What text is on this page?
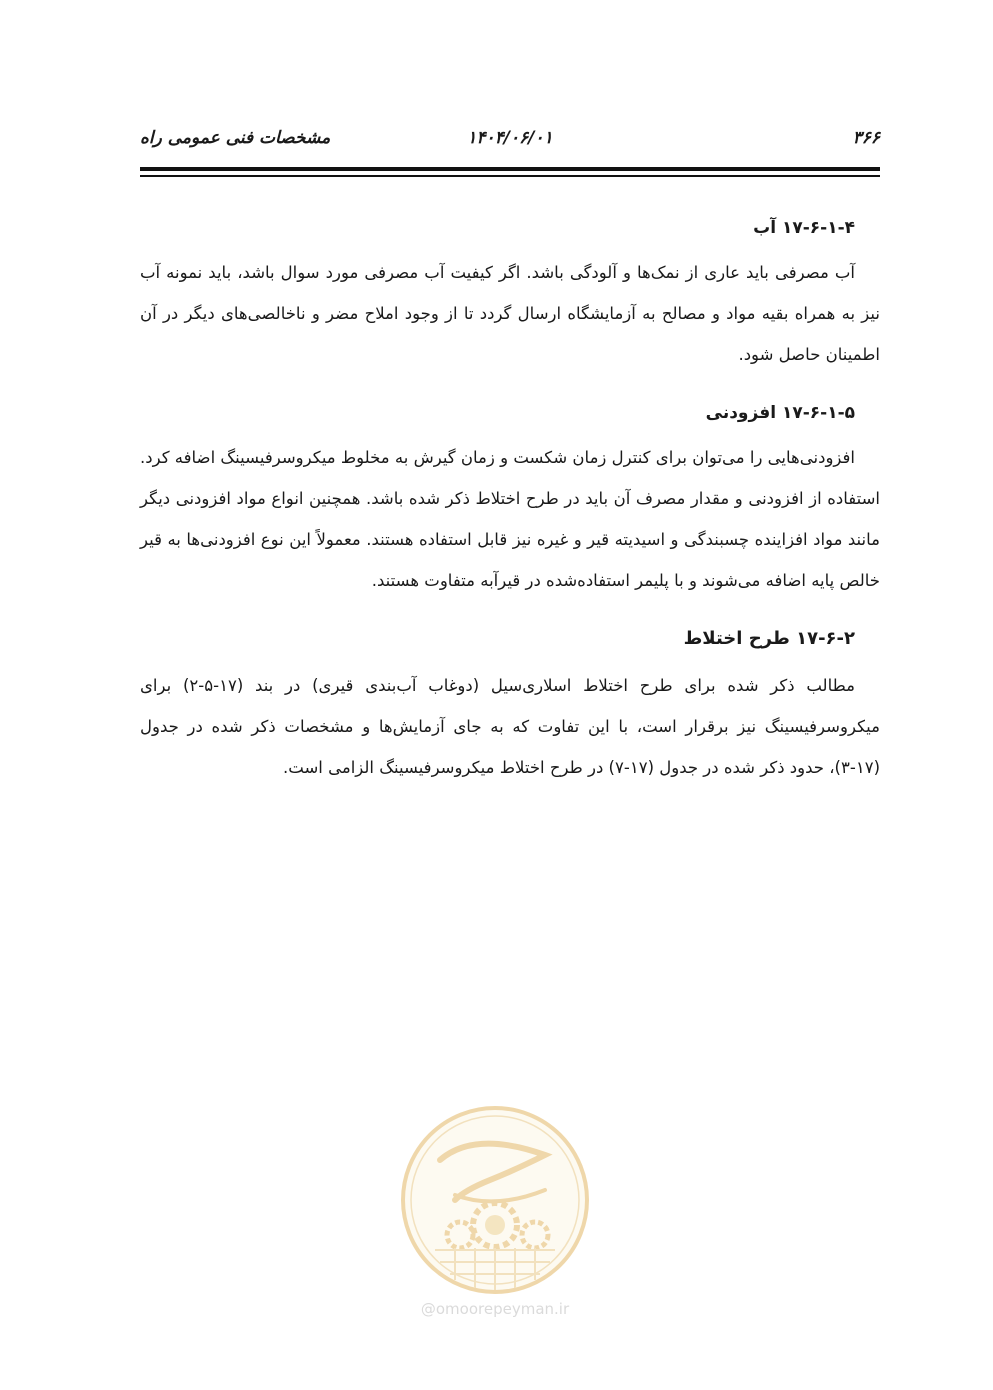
۳۶۶
۱۴۰۴/۰۶/۰۱
مشخصات فنی عمومی راه
۱۷-۶-۱-۴ آب

آب مصرفی باید عاری از نمک‌ها و آلودگی باشد. اگر کیفیت آب مصرفی مورد سوال باشد، باید نمونه آب نیز به همراه بقیه مواد و مصالح به آزمایشگاه ارسال گردد تا از وجود املاح مضر و ناخالصی‌های دیگر در آن اطمینان حاصل شود.

۱۷-۶-۱-۵ افزودنی

افزودنی‌هایی را می‌توان برای کنترل زمان شکست و زمان گیرش به مخلوط میکروسرفیسینگ اضافه کرد. استفاده از افزودنی و مقدار مصرف آن باید در طرح اختلاط ذکر شده باشد. همچنین انواع مواد افزودنی دیگر مانند مواد افزاینده چسبندگی و اسیدیته قیر و غیره نیز قابل استفاده هستند. معمولاً این نوع افزودنی‌ها به قیر خالص پایه اضافه می‌شوند و با پلیمر استفاده‌شده در قیرآبه متفاوت هستند.

۱۷-۶-۲ طرح اختلاط

مطالب ذکر شده برای طرح اختلاط اسلاری‌سیل (دوغاب آب‌بندی قیری) در بند (۱۷-۵-۲) برای میکروسرفیسینگ نیز برقرار است، با این تفاوت که به جای آزمایش‌ها و مشخصات ذکر شده در جدول (۱۷-۳)، حدود ذکر شده در جدول (۱۷-۷) در طرح اختلاط میکروسرفیسینگ الزامی است.

@omoorepeyman.ir
